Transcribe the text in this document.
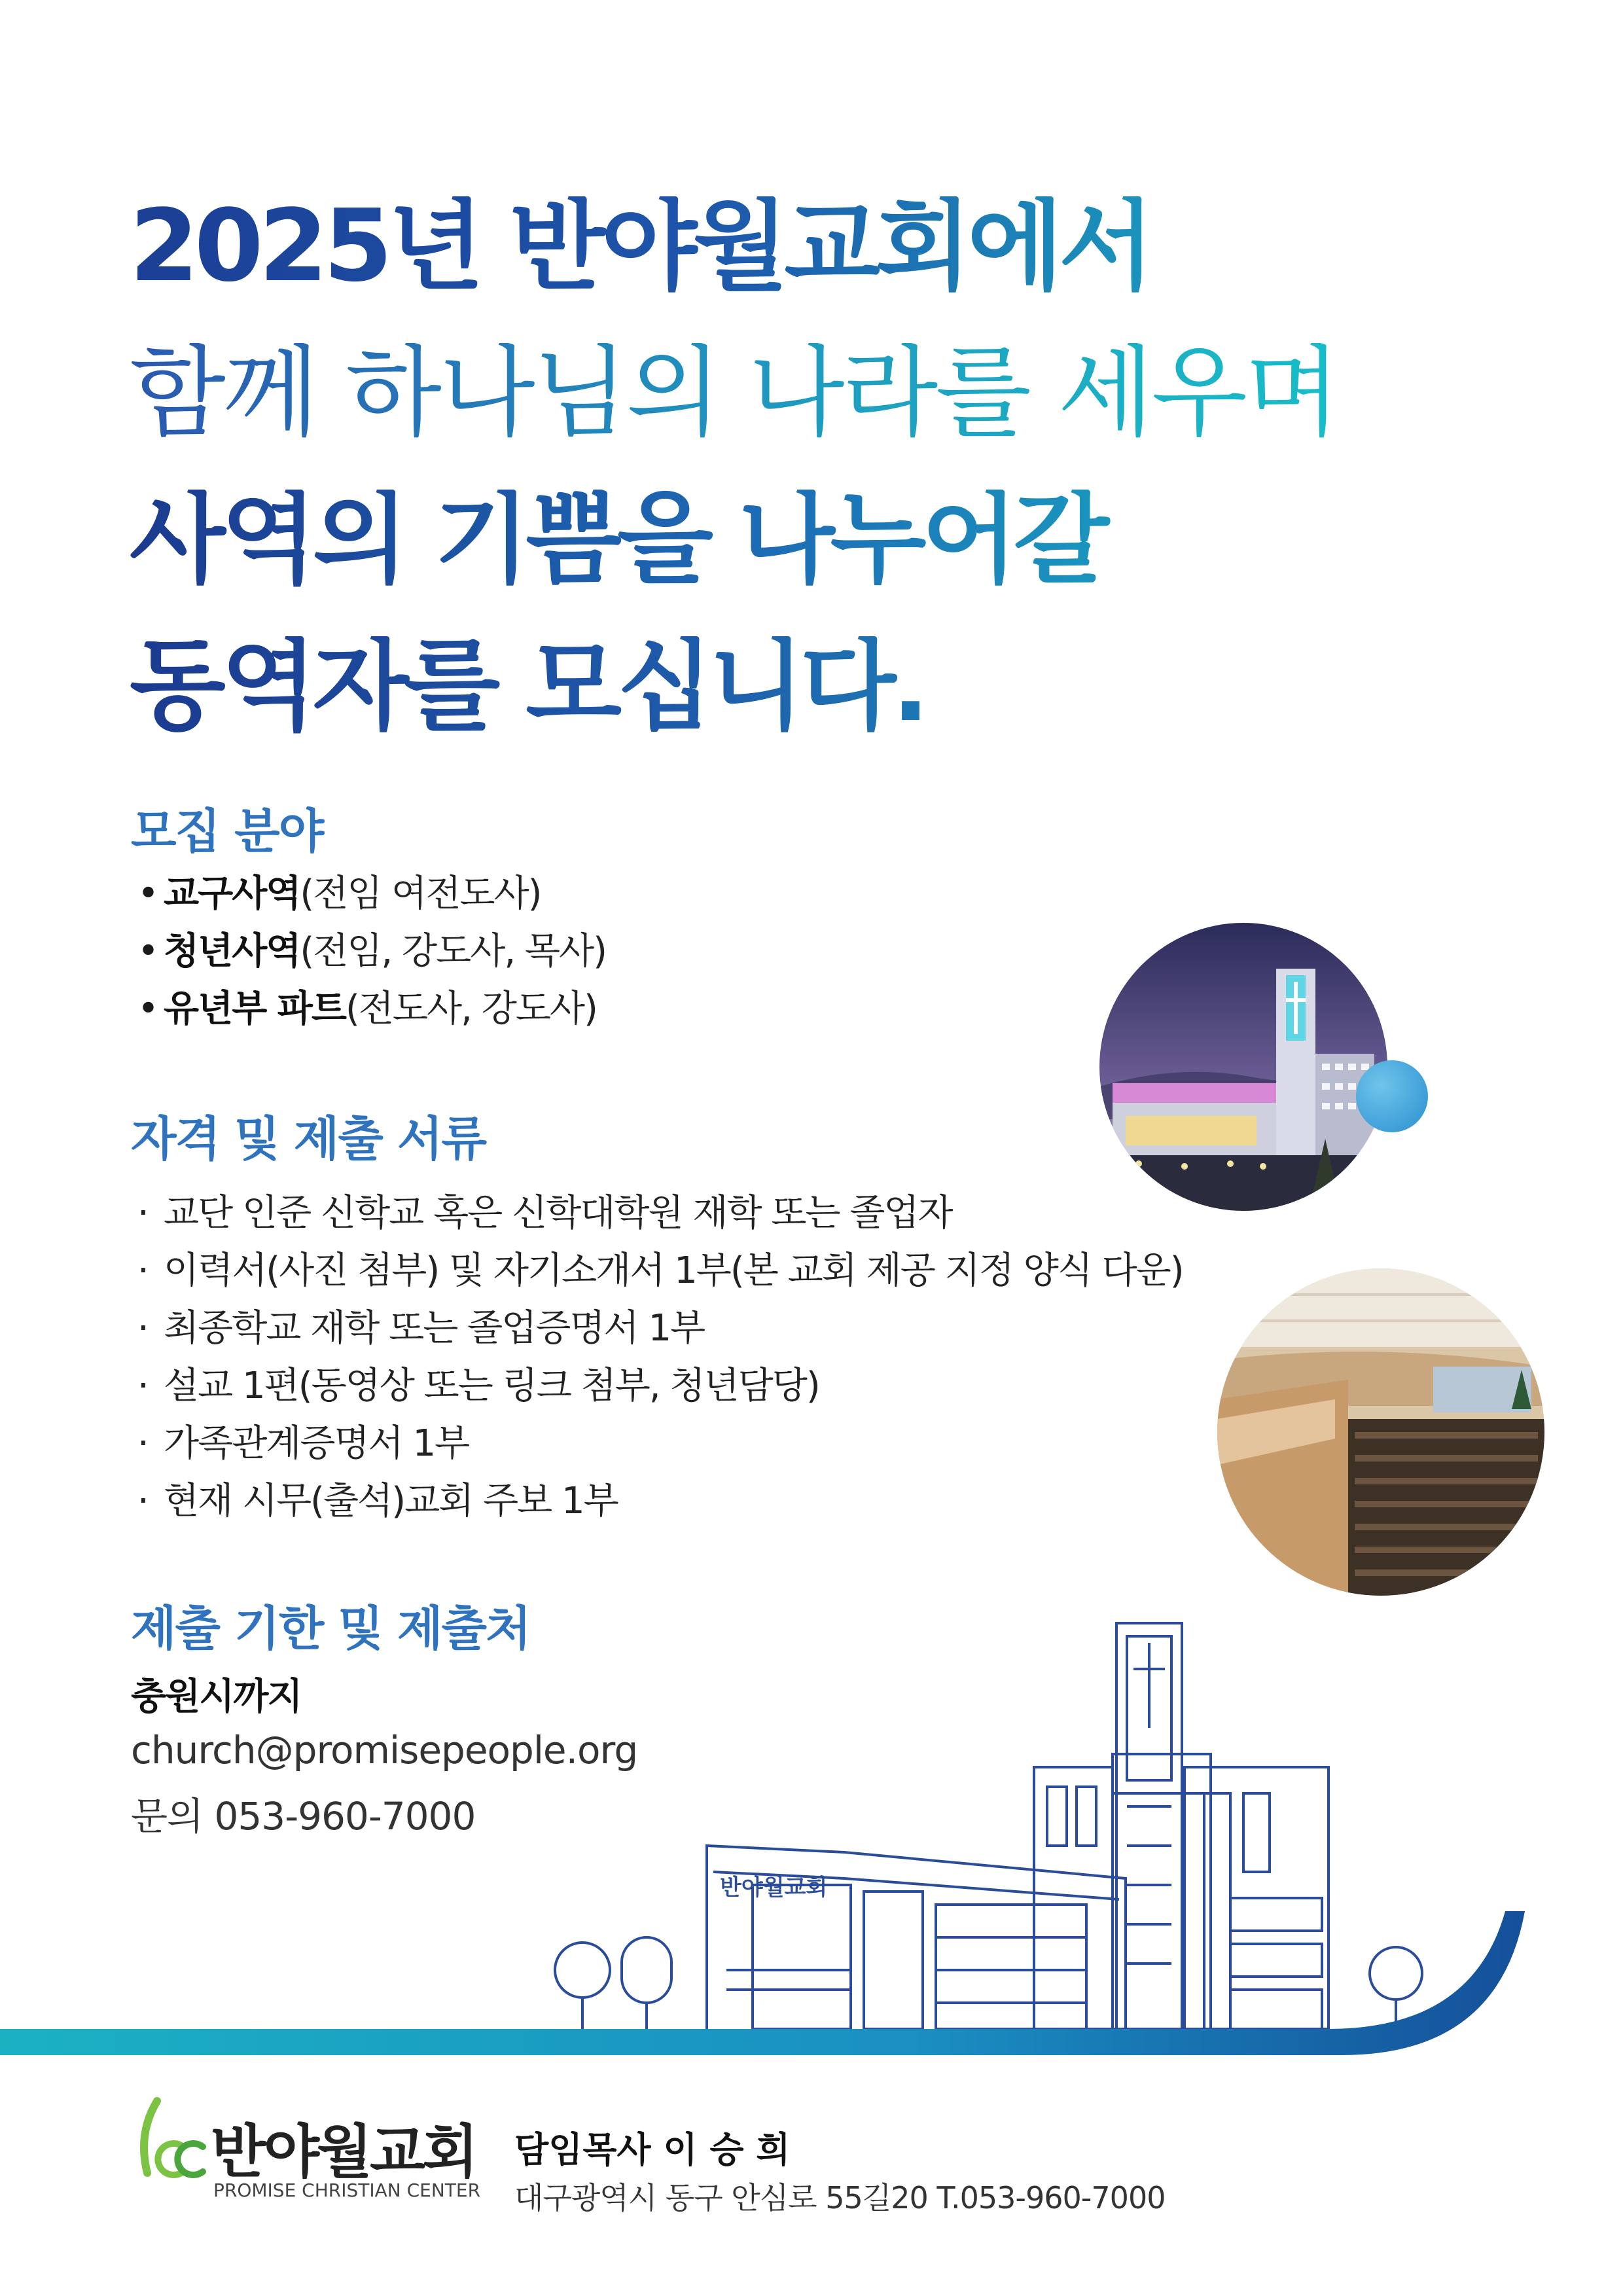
2025년 반야월교회에서
함께 하나님의 나라를 세우며
사역의 기쁨을 나누어갈
동역자를 모십니다.
모집 분야
• 교구사역(전임 여전도사)
• 청년사역(전임, 강도사, 목사)
• 유년부 파트(전도사, 강도사)
자격 및 제출 서류
· 교단 인준 신학교 혹은 신학대학원 재학 또는 졸업자
· 이력서(사진 첨부) 및 자기소개서 1부(본 교회 제공 지정 양식 다운)
· 최종학교 재학 또는 졸업증명서 1부
· 설교 1편(동영상 또는 링크 첨부, 청년담당)
· 가족관계증명서 1부
· 현재 시무(출석)교회 주보 1부
제출 기한 및 제출처
충원시까지
church@promisepeople.org
문의 053-960-7000
반야월교회
반야월교회
PROMISE CHRISTIAN CENTER
담임목사 이 승 희
대구광역시 동구 안심로 55길20 T.053-960-7000
